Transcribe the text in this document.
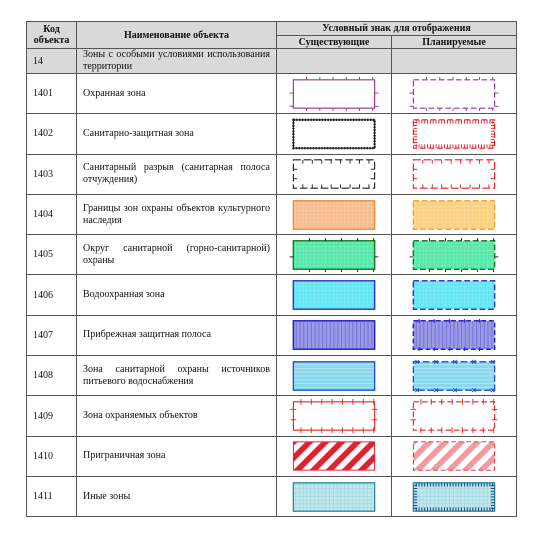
Код объекта	Наименование объекта	Условный знак для отображения	
		Существующие	Планируемые
14	Зоны с особыми условиями использования территории		
1401	Охранная зона	

1402	Санитарно-защитная зона	

1403	Санитарный разрыв (санитарная полоса отчуждения)	

1404	Границы зон охраны объектов культурного наследия	

1405	Округ санитарной (горно-санитарной) охраны	

1406	Водоохранная зона	

1407	Прибрежная защитная полоса	

1408	Зона санитарной охраны источников питьевого водоснабжения	

1409	Зона охраняемых объектов	

1410	Приграничная зона	

1411	Иные зоны	
